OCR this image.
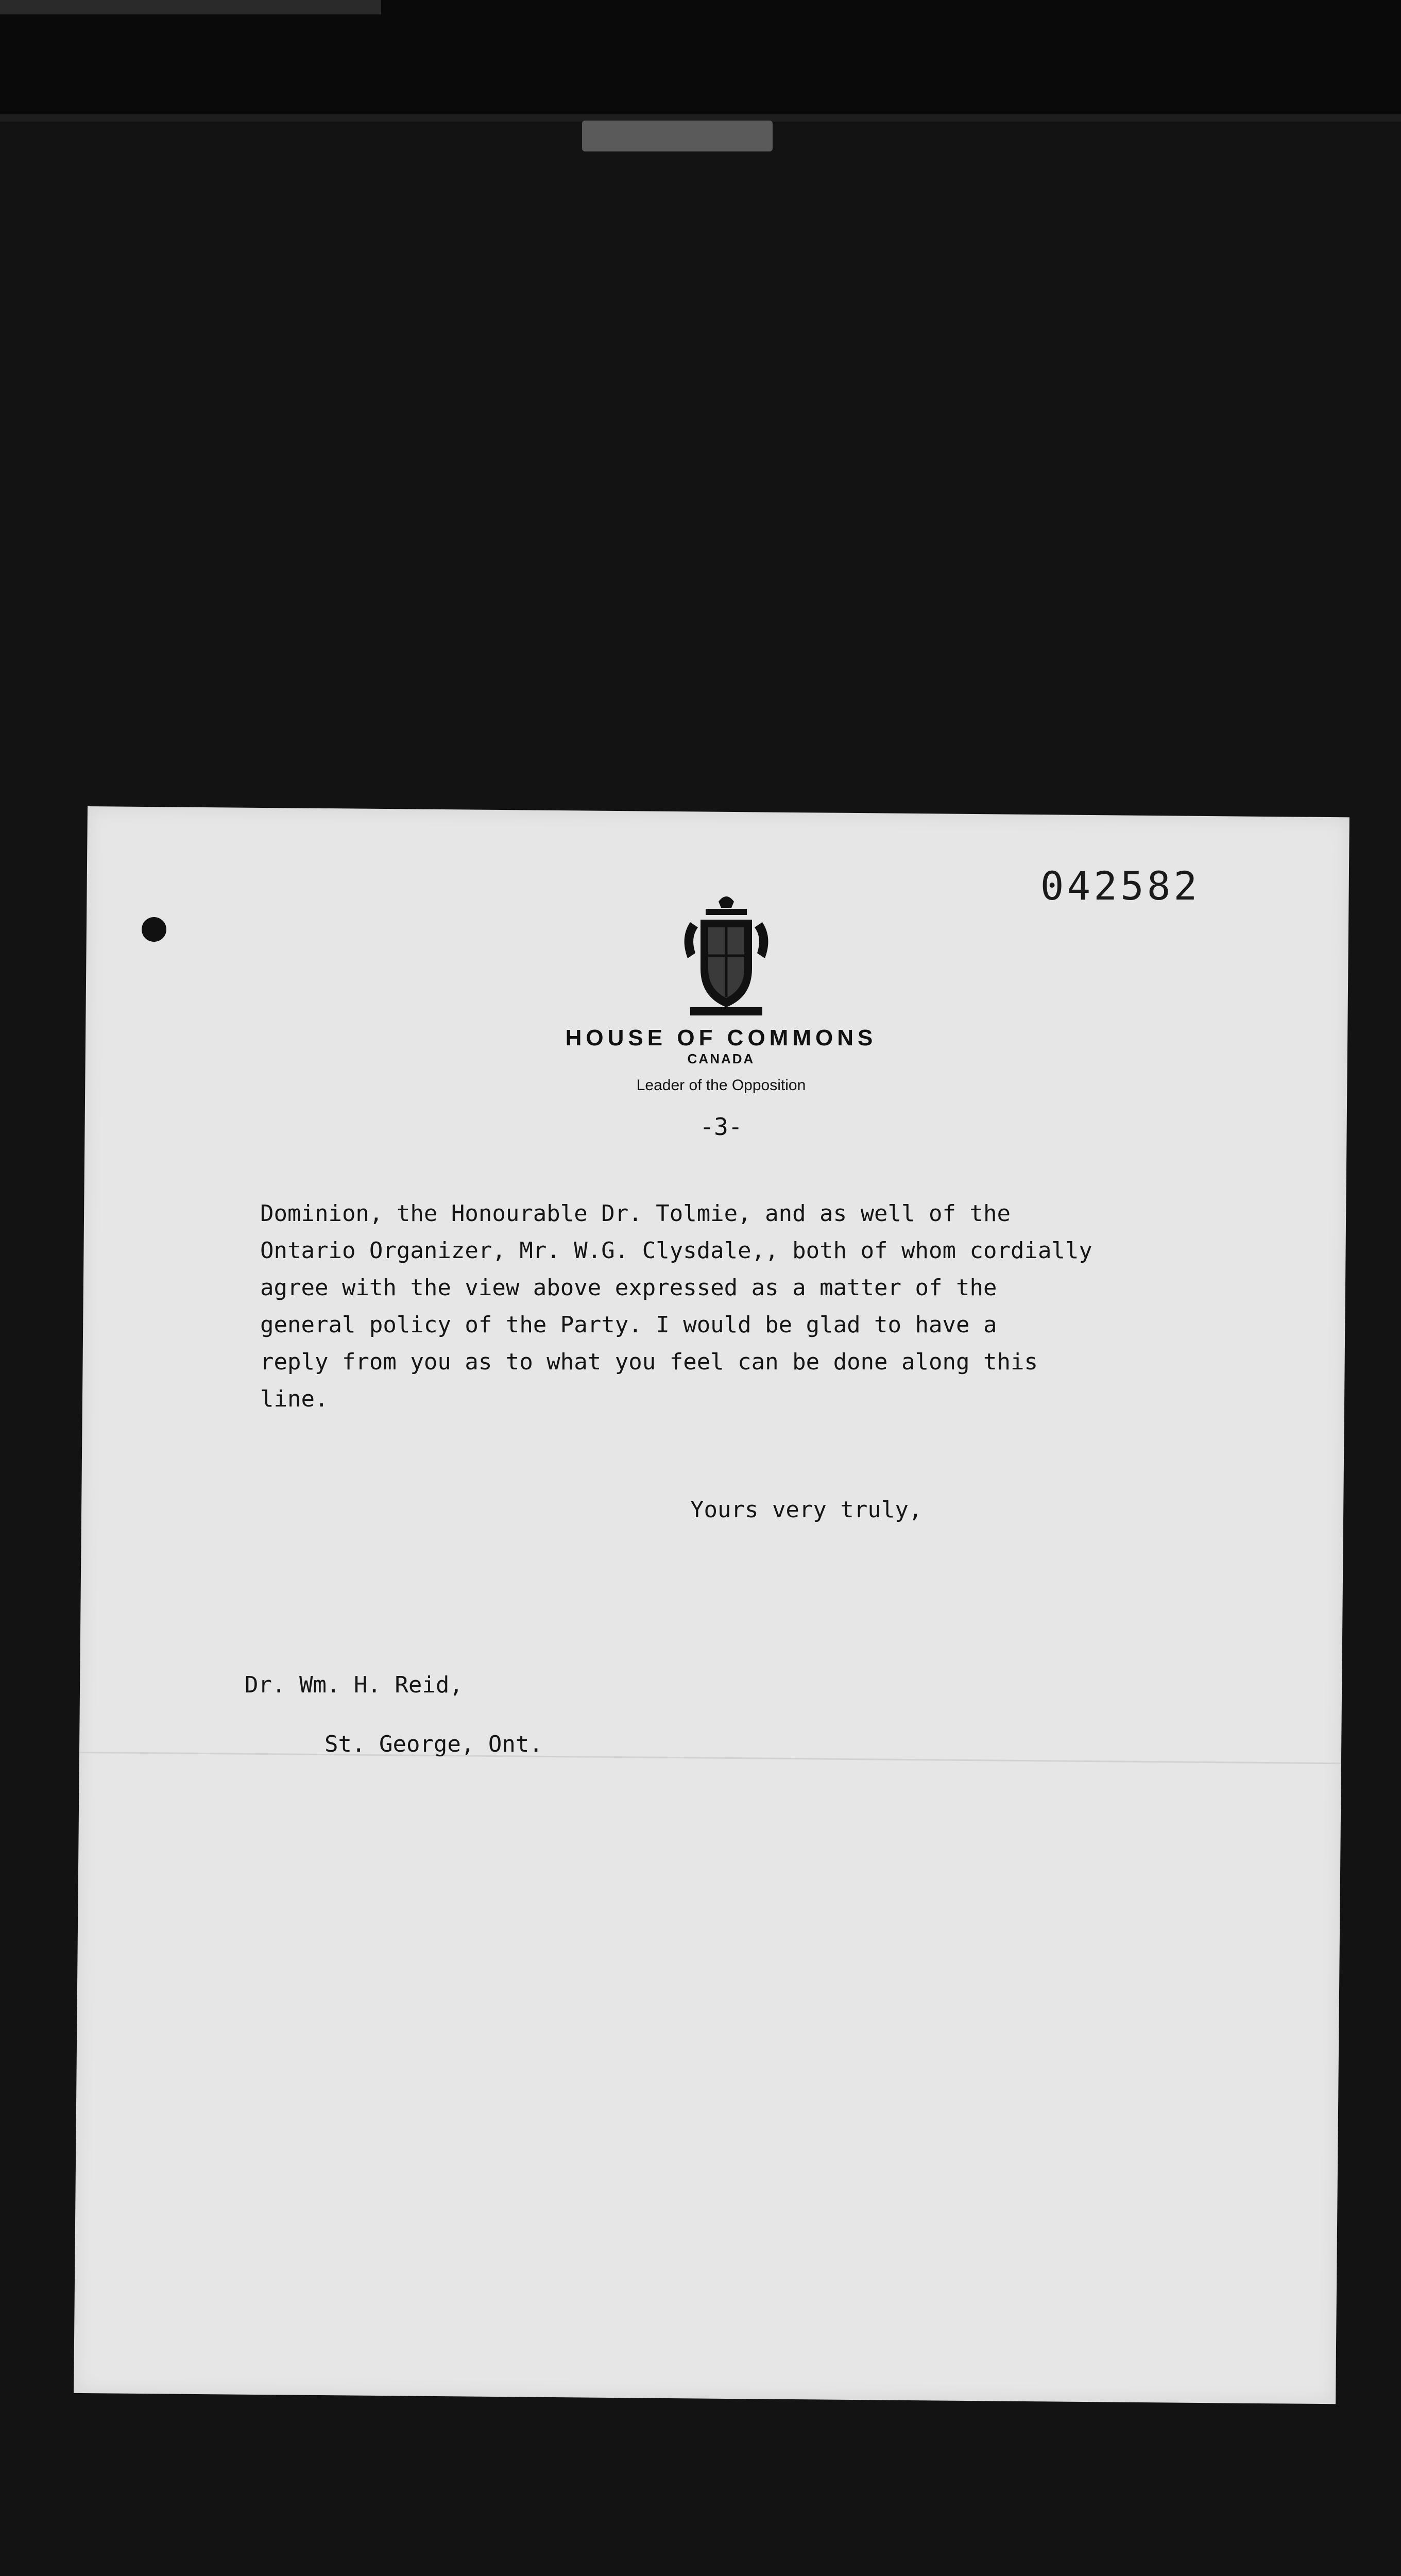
042582
HOUSE OF COMMONS
CANADA
Leader of the Opposition
-3-
Dominion, the Honourable Dr. Tolmie, and as well of the
Ontario Organizer, Mr. W.G. Clysdale,, both of whom cordially
agree with the view above expressed as a matter of the
general policy of the Party. I would be glad to have a
reply from you as to what you feel can be done along this
line.
Yours very truly,
Dr. Wm. H. Reid,
St. George, Ont.
